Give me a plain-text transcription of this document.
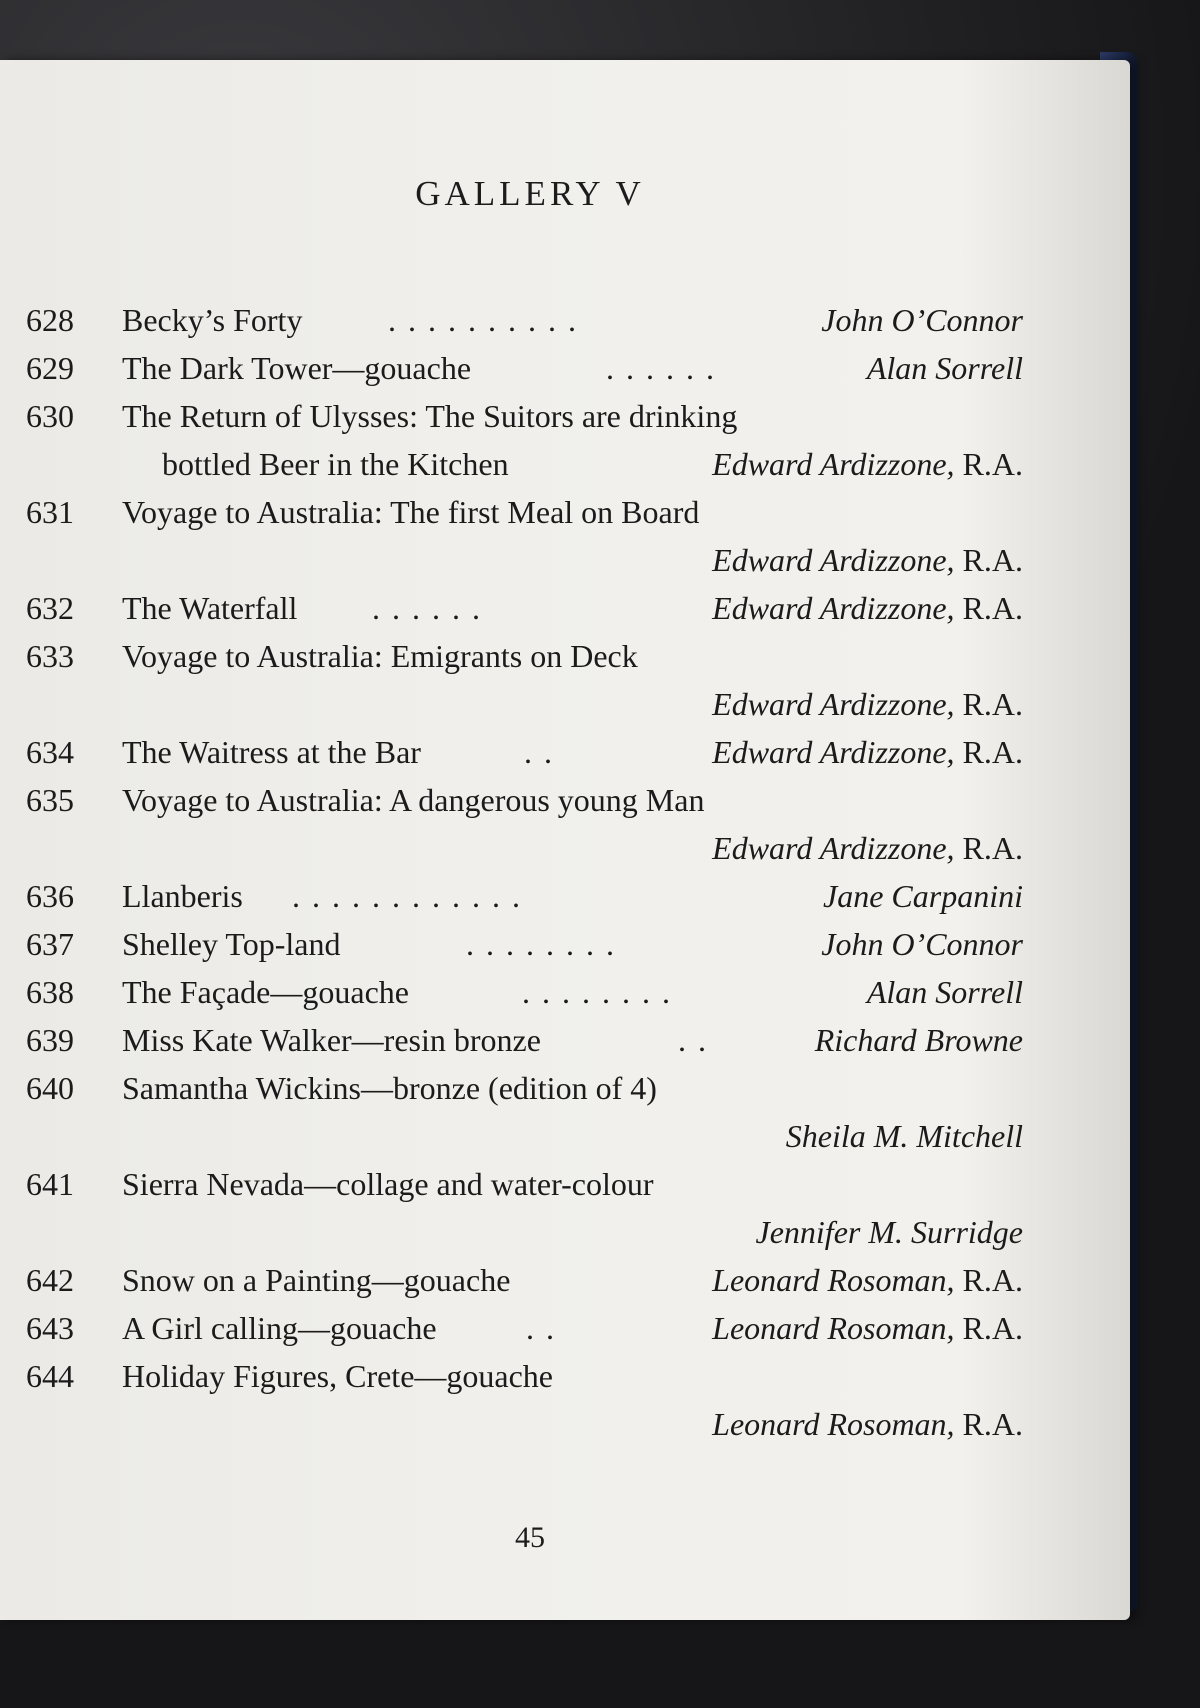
GALLERY V
628 Becky’s Forty	. . . . . . . . . .	John O’Connor
629 The Dark Tower—gouache	. . . . . .	Alan Sorrell
630 The Return of Ulysses: The Suitors are drinking
bottled Beer in the Kitchen	Edward Ardizzone, R.A.
631 Voyage to Australia: The first Meal on Board
Edward Ardizzone, R.A.
632 The Waterfall . . . . . .	Edward Ardizzone, R.A.
633 Voyage to Australia: Emigrants on Deck
Edward Ardizzone, R.A.
634 The Waitress at the Bar	. .	Edward Ardizzone, R.A.
635 Voyage to Australia: A dangerous young Man
Edward Ardizzone, R.A.
636 Llanberis . . . . . . . . . . . .	Jane Carpanini
637 Shelley Top-land	. . . . . . . .	John O’Connor
638 The Façade—gouache	. . . . . . . .	Alan Sorrell
639 Miss Kate Walker—resin bronze	. .	Richard Browne
640 Samantha Wickins—bronze (edition of 4)
Sheila M. Mitchell
641 Sierra Nevada—collage and water-colour
Jennifer M. Surridge
642 Snow on a Painting—gouache	Leonard Rosoman, R.A.
643 A Girl calling—gouache	. .	Leonard Rosoman, R.A.
644 Holiday Figures, Crete—gouache
Leonard Rosoman, R.A.
45
